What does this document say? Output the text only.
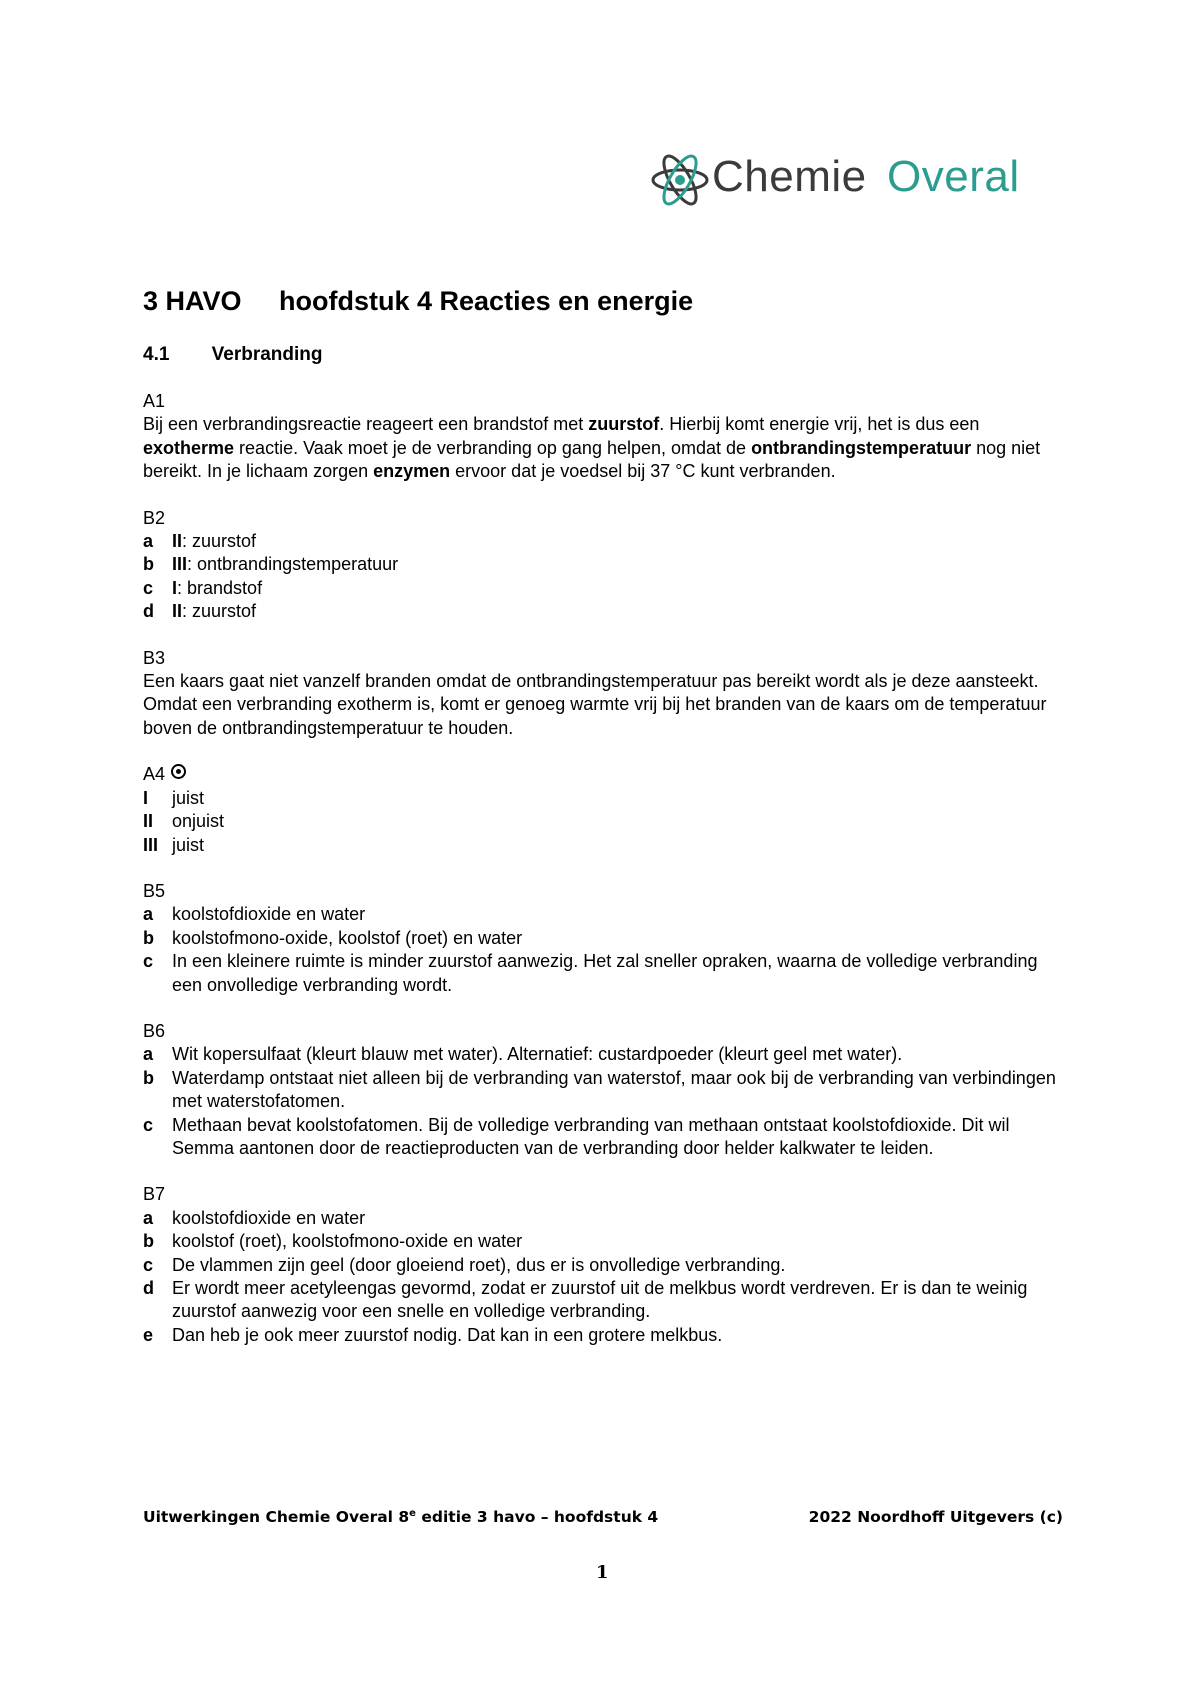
Chemie Overal
3 HAVO     hoofdstuk 4 Reacties en energie
4.1        Verbranding
A1

Bij een verbrandingsreactie reageert een brandstof met zuurstof. Hierbij komt energie vrij, het is dus een exotherme reactie. Vaak moet je de verbranding op gang helpen, omdat de ontbrandingstemperatuur nog niet bereikt. In je lichaam zorgen enzymen ervoor dat je voedsel bij 37 °C kunt verbranden.

B2
a II: zuurstof
b III: ontbrandingstemperatuur
c I: brandstof
d II: zuurstof
B3

Een kaars gaat niet vanzelf branden omdat de ontbrandingstemperatuur pas bereikt wordt als je deze aansteekt. Omdat een verbranding exotherm is, komt er genoeg warmte vrij bij het branden van de kaars om de temperatuur boven de ontbrandingstemperatuur te houden.

A4
I juist
II onjuist
III juist
B5
a koolstofdioxide en water
b koolstofmono-oxide, koolstof (roet) en water
c In een kleinere ruimte is minder zuurstof aanwezig. Het zal sneller opraken, waarna de volledige verbranding een onvolledige verbranding wordt.
B6
a Wit kopersulfaat (kleurt blauw met water). Alternatief: custardpoeder (kleurt geel met water).
b Waterdamp ontstaat niet alleen bij de verbranding van waterstof, maar ook bij de verbranding van verbindingen met waterstofatomen.
c Methaan bevat koolstofatomen. Bij de volledige verbranding van methaan ontstaat koolstofdioxide. Dit wil Semma aantonen door de reactieproducten van de verbranding door helder kalkwater te leiden.
B7
a koolstofdioxide en water
b koolstof (roet), koolstofmono-oxide en water
c De vlammen zijn geel (door gloeiend roet), dus er is onvolledige verbranding.
d Er wordt meer acetyleengas gevormd, zodat er zuurstof uit de melkbus wordt verdreven. Er is dan te weinig zuurstof aanwezig voor een snelle en volledige verbranding.
e Dan heb je ook meer zuurstof nodig. Dat kan in een grotere melkbus.
Uitwerkingen Chemie Overal 8e editie 3 havo – hoofdstuk 4	2022 Noordhoff Uitgevers (c)
1
